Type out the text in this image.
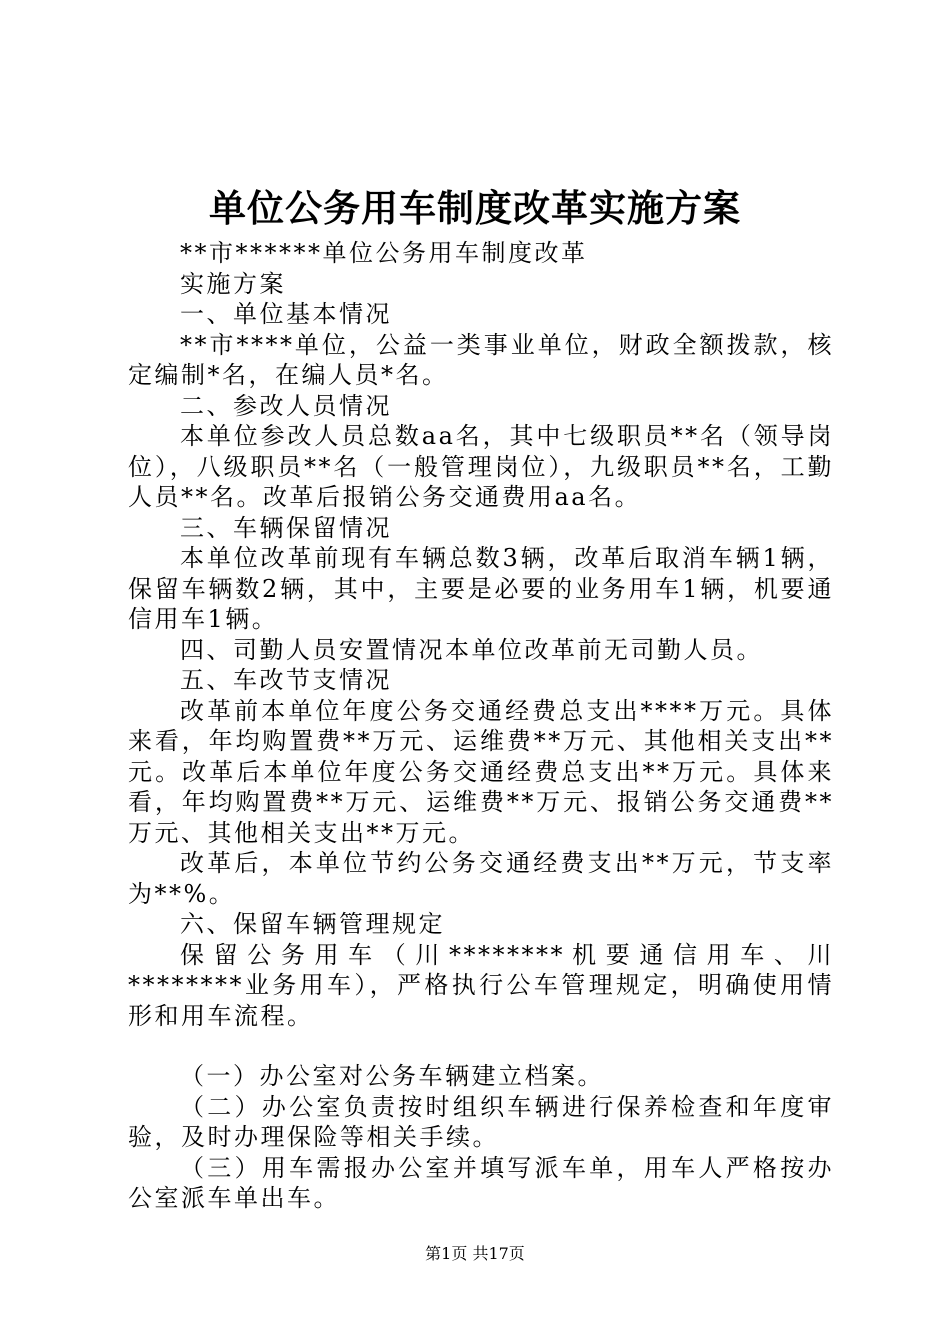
单位公务用车制度改革实施方案

**市******单位公务用车制度改革

实施方案

一、单位基本情况

**市****单位，公益一类事业单位，财政全额拨款，核定编制*名，在编人员*名。

二、参改人员情况

本单位参改人员总数aa名，其中七级职员**名（领导岗位），八级职员**名（一般管理岗位），九级职员**名，工勤人员**名。改革后报销公务交通费用aa名。

三、车辆保留情况

本单位改革前现有车辆总数3辆，改革后取消车辆1辆，保留车辆数2辆，其中，主要是必要的业务用车1辆，机要通信用车1辆。

四、司勤人员安置情况本单位改革前无司勤人员。

五、车改节支情况

改革前本单位年度公务交通经费总支出****万元。具体来看，年均购置费**万元、运维费**万元、其他相关支出**元。改革后本单位年度公务交通经费总支出**万元。具体来看，年均购置费**万元、运维费**万元、报销公务交通费**万元、其他相关支出**万元。

改革后，本单位节约公务交通经费支出**万元，节支率为**%。

六、保留车辆管理规定

保留公务用车（川********机要通信用车、川********业务用车），严格执行公车管理规定，明确使用情形和用车流程。

（一）办公室对公务车辆建立档案。

（二）办公室负责按时组织车辆进行保养检查和年度审验，及时办理保险等相关手续。

（三）用车需报办公室并填写派车单，用车人严格按办公室派车单出车。

第1页 共17页
